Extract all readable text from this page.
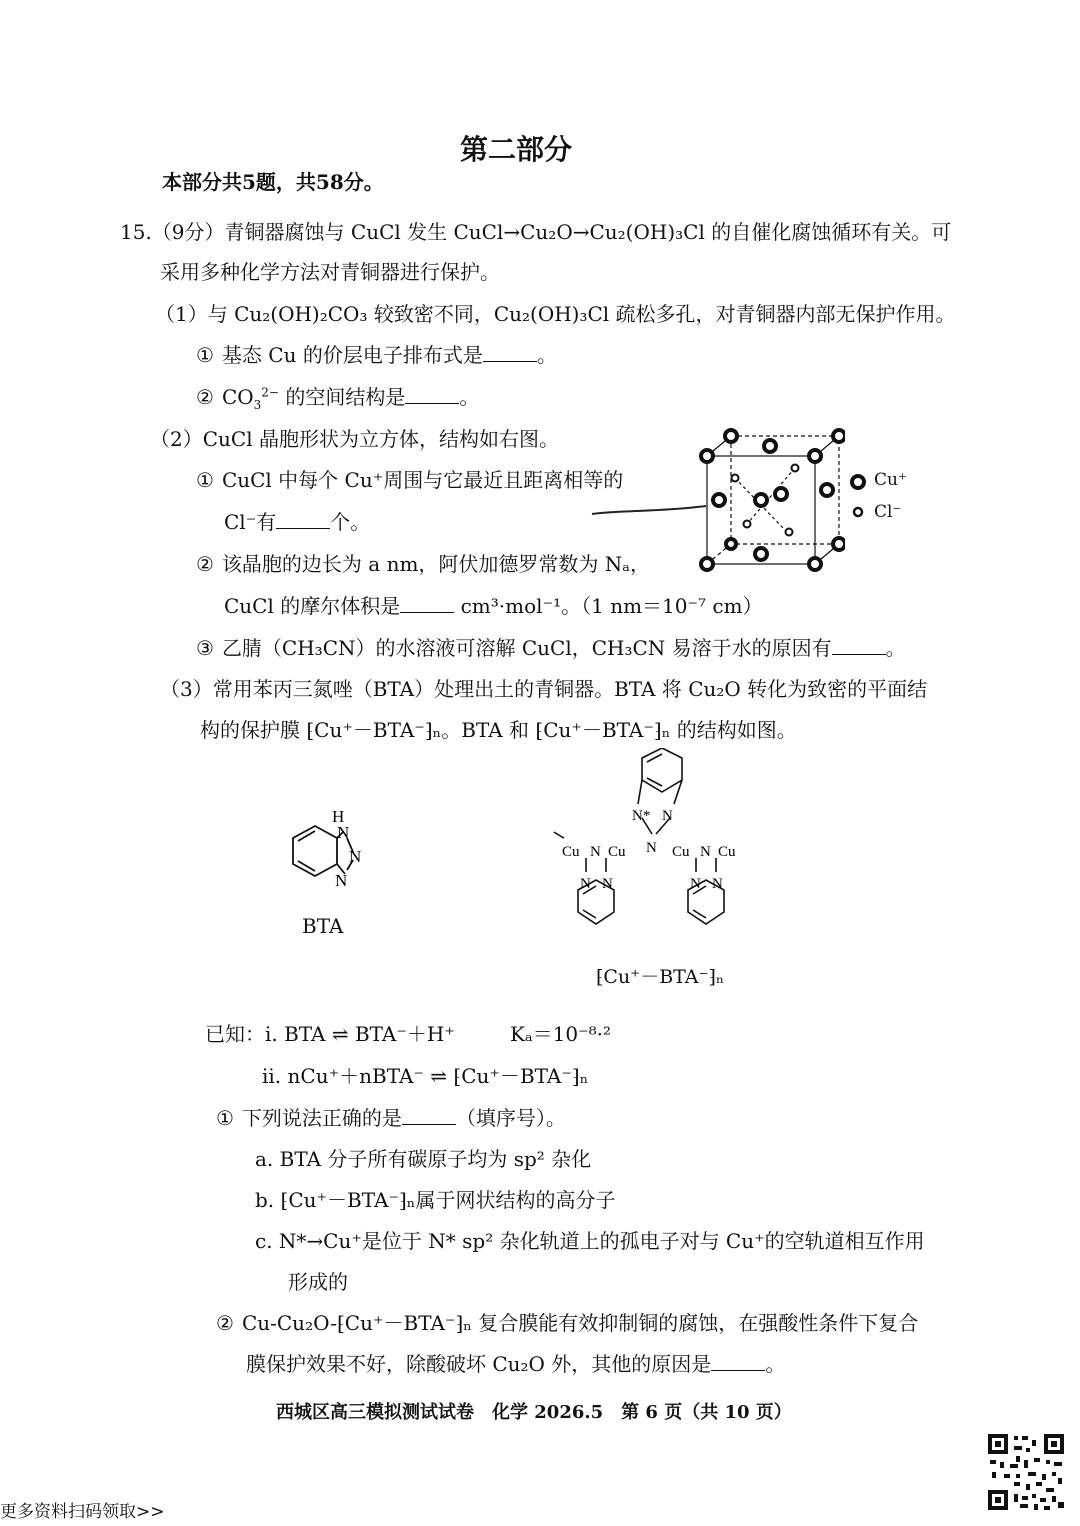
第二部分
本部分共5题，共58分。
15.（9分）青铜器腐蚀与 CuCl 发生 CuCl→Cu₂O→Cu₂(OH)₃Cl 的自催化腐蚀循环有关。可
采用多种化学方法对青铜器进行保护。
（1）与 Cu₂(OH)₂CO₃ 较致密不同，Cu₂(OH)₃Cl 疏松多孔，对青铜器内部无保护作用。
① 基态 Cu 的价层电子排布式是	。
② $CO_3^{2-}$ 的空间结构是	。
（2）CuCl 晶胞形状为立方体，结构如右图。
① CuCl 中每个 Cu⁺周围与它最近且距离相等的
Cl⁻有	个。
② 该晶胞的边长为 a nm，阿伏加德罗常数为 Nₐ，
CuCl 的摩尔体积是	cm³·mol⁻¹。（1 nm＝10⁻⁷ cm）
③ 乙腈（CH₃CN）的水溶液可溶解 CuCl，CH₃CN 易溶于水的原因有	。
Cu⁺
Cl⁻
（3）常用苯丙三氮唑（BTA）处理出土的青铜器。BTA 将 Cu₂O 转化为致密的平面结
构的保护膜 ⁅Cu⁺－BTA⁻⁆ₙ。BTA 和 ⁅Cu⁺－BTA⁻⁆ₙ 的结构如图。
H
N
N
N
BTA
N* N
N
Cu N Cu
N N
Cu N Cu
N N
⁅Cu⁺－BTA⁻⁆ₙ
已知：i. BTA ⇌ BTA⁻＋H⁺	Kₐ＝10⁻⁸·²
ii. nCu⁺＋nBTA⁻ ⇌ ⁅Cu⁺－BTA⁻⁆ₙ
① 下列说法正确的是	（填序号）。
a. BTA 分子所有碳原子均为 sp² 杂化
b. ⁅Cu⁺－BTA⁻⁆ₙ属于网状结构的高分子
c. N*→Cu⁺是位于 N* sp² 杂化轨道上的孤电子对与 Cu⁺的空轨道相互作用
形成的
② Cu-Cu₂O-⁅Cu⁺－BTA⁻⁆ₙ 复合膜能有效抑制铜的腐蚀，在强酸性条件下复合
膜保护效果不好，除酸破坏 Cu₂O 外，其他的原因是	。
西城区高三模拟测试试卷　化学 2026.5　第 6 页（共 10 页）
更多资料扫码领取>>
